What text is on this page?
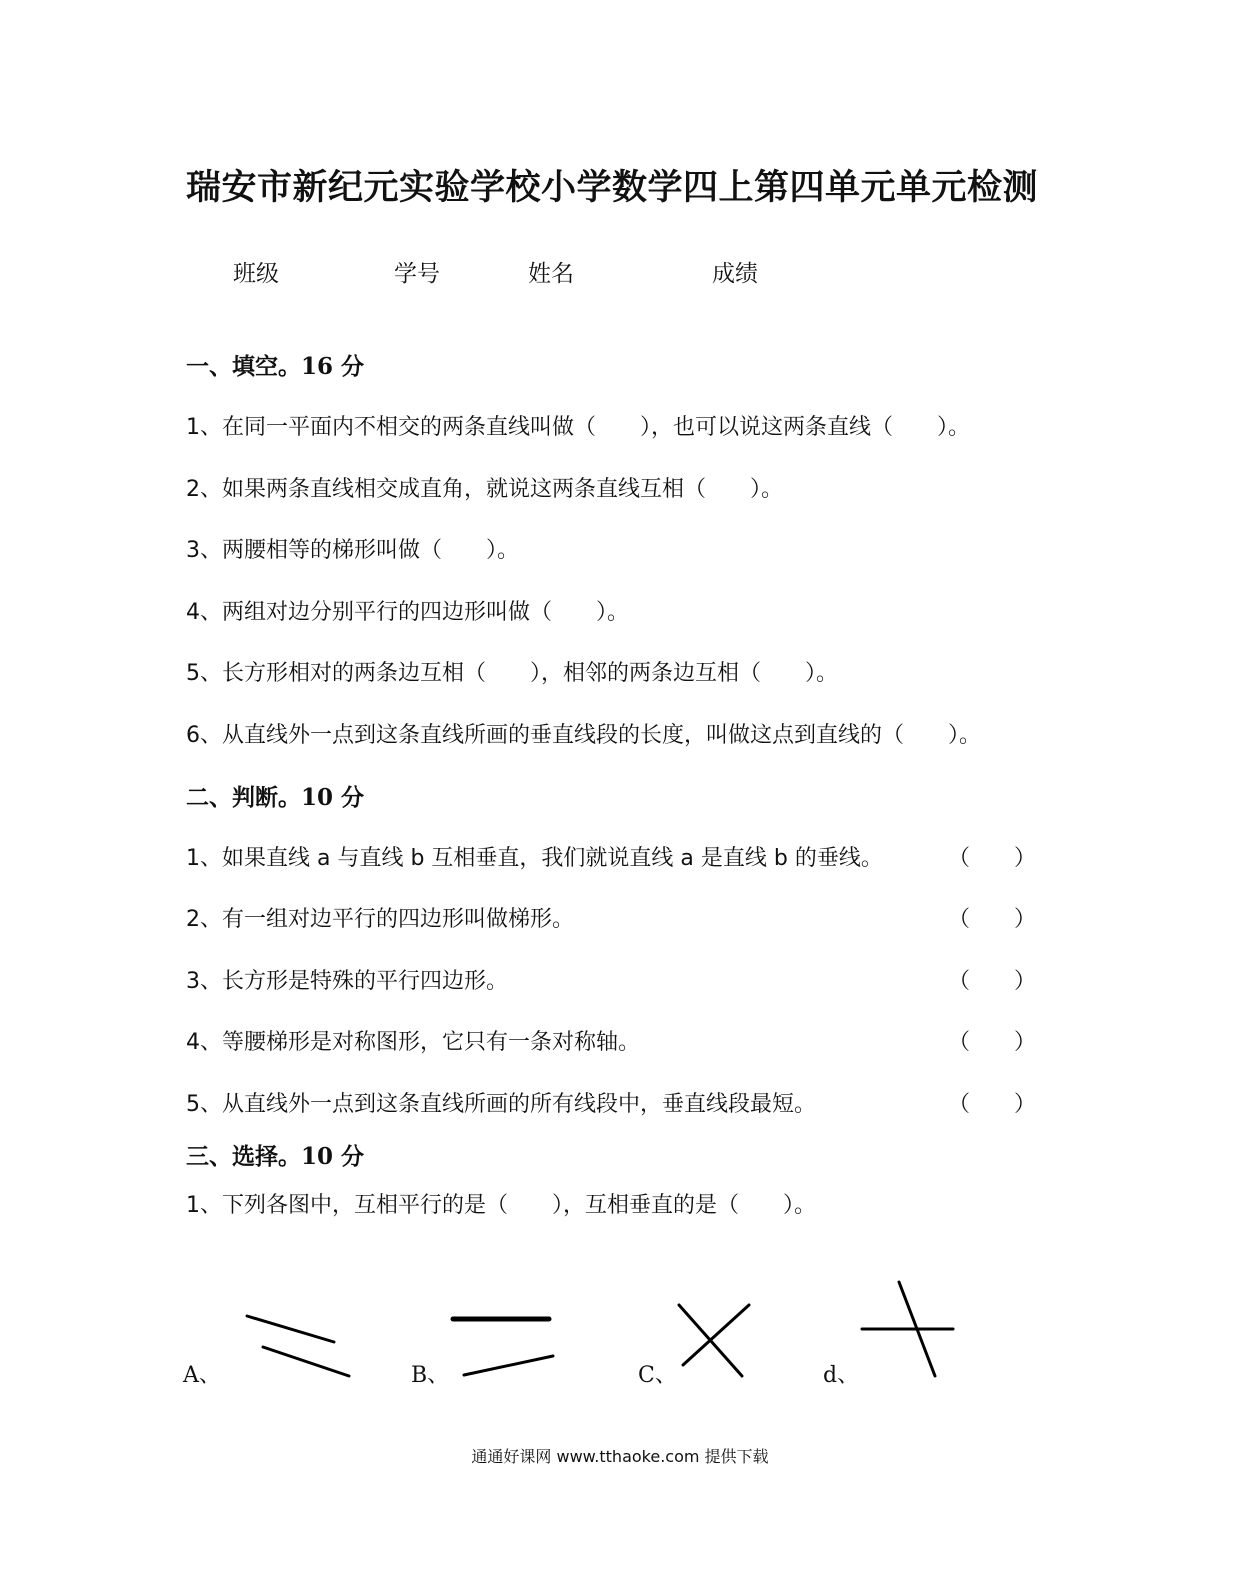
瑞安市新纪元实验学校小学数学四上第四单元单元检测
班级	学号	姓名	成绩
一、填空。16 分
1、在同一平面内不相交的两条直线叫做（　　），也可以说这两条直线（　　）。
2、如果两条直线相交成直角，就说这两条直线互相（　　）。
3、两腰相等的梯形叫做（　　）。
4、两组对边分别平行的四边形叫做（　　）。
5、长方形相对的两条边互相（　　），相邻的两条边互相（　　）。
6、从直线外一点到这条直线所画的垂直线段的长度，叫做这点到直线的（　　）。
二、判断。10 分
1、如果直线 a 与直线 b 互相垂直，我们就说直线 a 是直线 b 的垂线。	（　　）
2、有一组对边平行的四边形叫做梯形。	（　　）
3、长方形是特殊的平行四边形。	（　　）
4、等腰梯形是对称图形，它只有一条对称轴。	（　　）
5、从直线外一点到这条直线所画的所有线段中，垂直线段最短。	（　　）
三、选择。10 分
1、下列各图中，互相平行的是（　　），互相垂直的是（　　）。
A、	B、	C、	d、
通通好课网 www.tthaoke.com 提供下载
